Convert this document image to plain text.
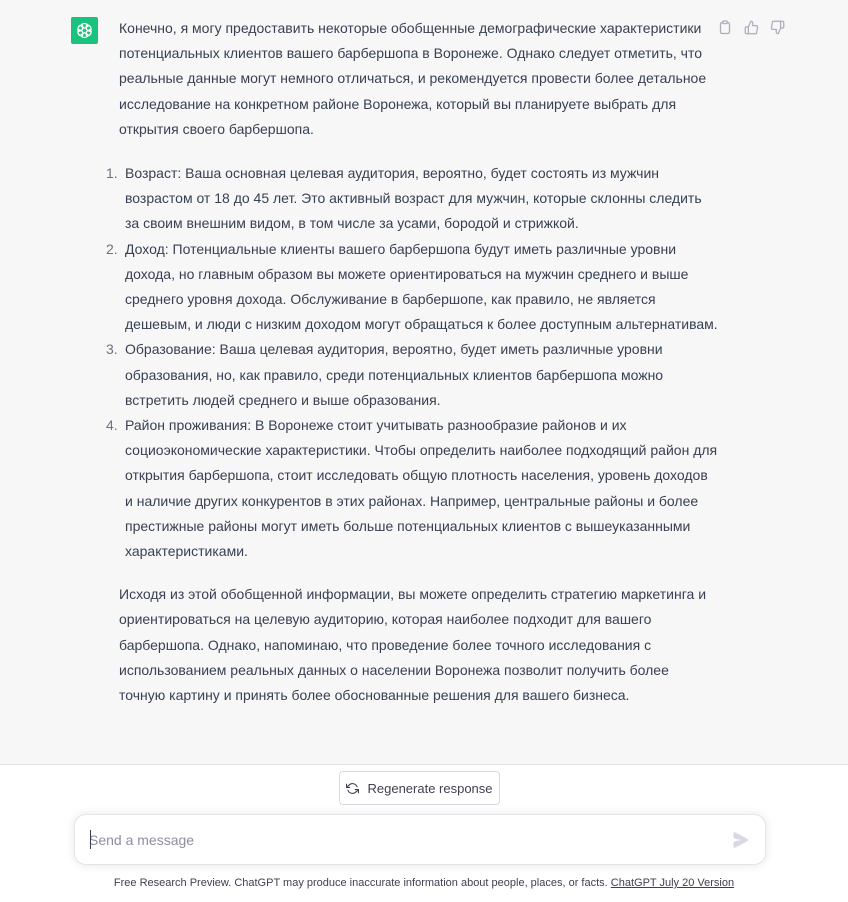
Конечно, я могу предоставить некоторые обобщенные демографические характеристики потенциальных клиентов вашего барбершопа в Воронеже. Однако следует отметить, что реальные данные могут немного отличаться, и рекомендуется провести более детальное исследование на конкретном районе Воронежа, который вы планируете выбрать для открытия своего барбершопа.

1. Возраст: Ваша основная целевая аудитория, вероятно, будет состоять из мужчин возрастом от 18 до 45 лет. Это активный возраст для мужчин, которые склонны следить за своим внешним видом, в том числе за усами, бородой и стрижкой.
2. Доход: Потенциальные клиенты вашего барбершопа будут иметь различные уровни дохода, но главным образом вы можете ориентироваться на мужчин среднего и выше среднего уровня дохода. Обслуживание в барбершопе, как правило, не является дешевым, и люди с низким доходом могут обращаться к более доступным альтернативам.
3. Образование: Ваша целевая аудитория, вероятно, будет иметь различные уровни образования, но, как правило, среди потенциальных клиентов барбершопа можно встретить людей среднего и выше образования.
4. Район проживания: В Воронеже стоит учитывать разнообразие районов и их социоэкономические характеристики. Чтобы определить наиболее подходящий район для открытия барбершопа, стоит исследовать общую плотность населения, уровень доходов и наличие других конкурентов в этих районах. Например, центральные районы и более престижные районы могут иметь больше потенциальных клиентов с вышеуказанными характеристиками.

Исходя из этой обобщенной информации, вы можете определить стратегию маркетинга и ориентироваться на целевую аудиторию, которая наиболее подходит для вашего барбершопа. Однако, напоминаю, что проведение более точного исследования с использованием реальных данных о населении Воронежа позволит получить более точную картину и принять более обоснованные решения для вашего бизнеса.

Regenerate response
Send a message
Free Research Preview. ChatGPT may produce inaccurate information about people, places, or facts. ChatGPT July 20 Version
